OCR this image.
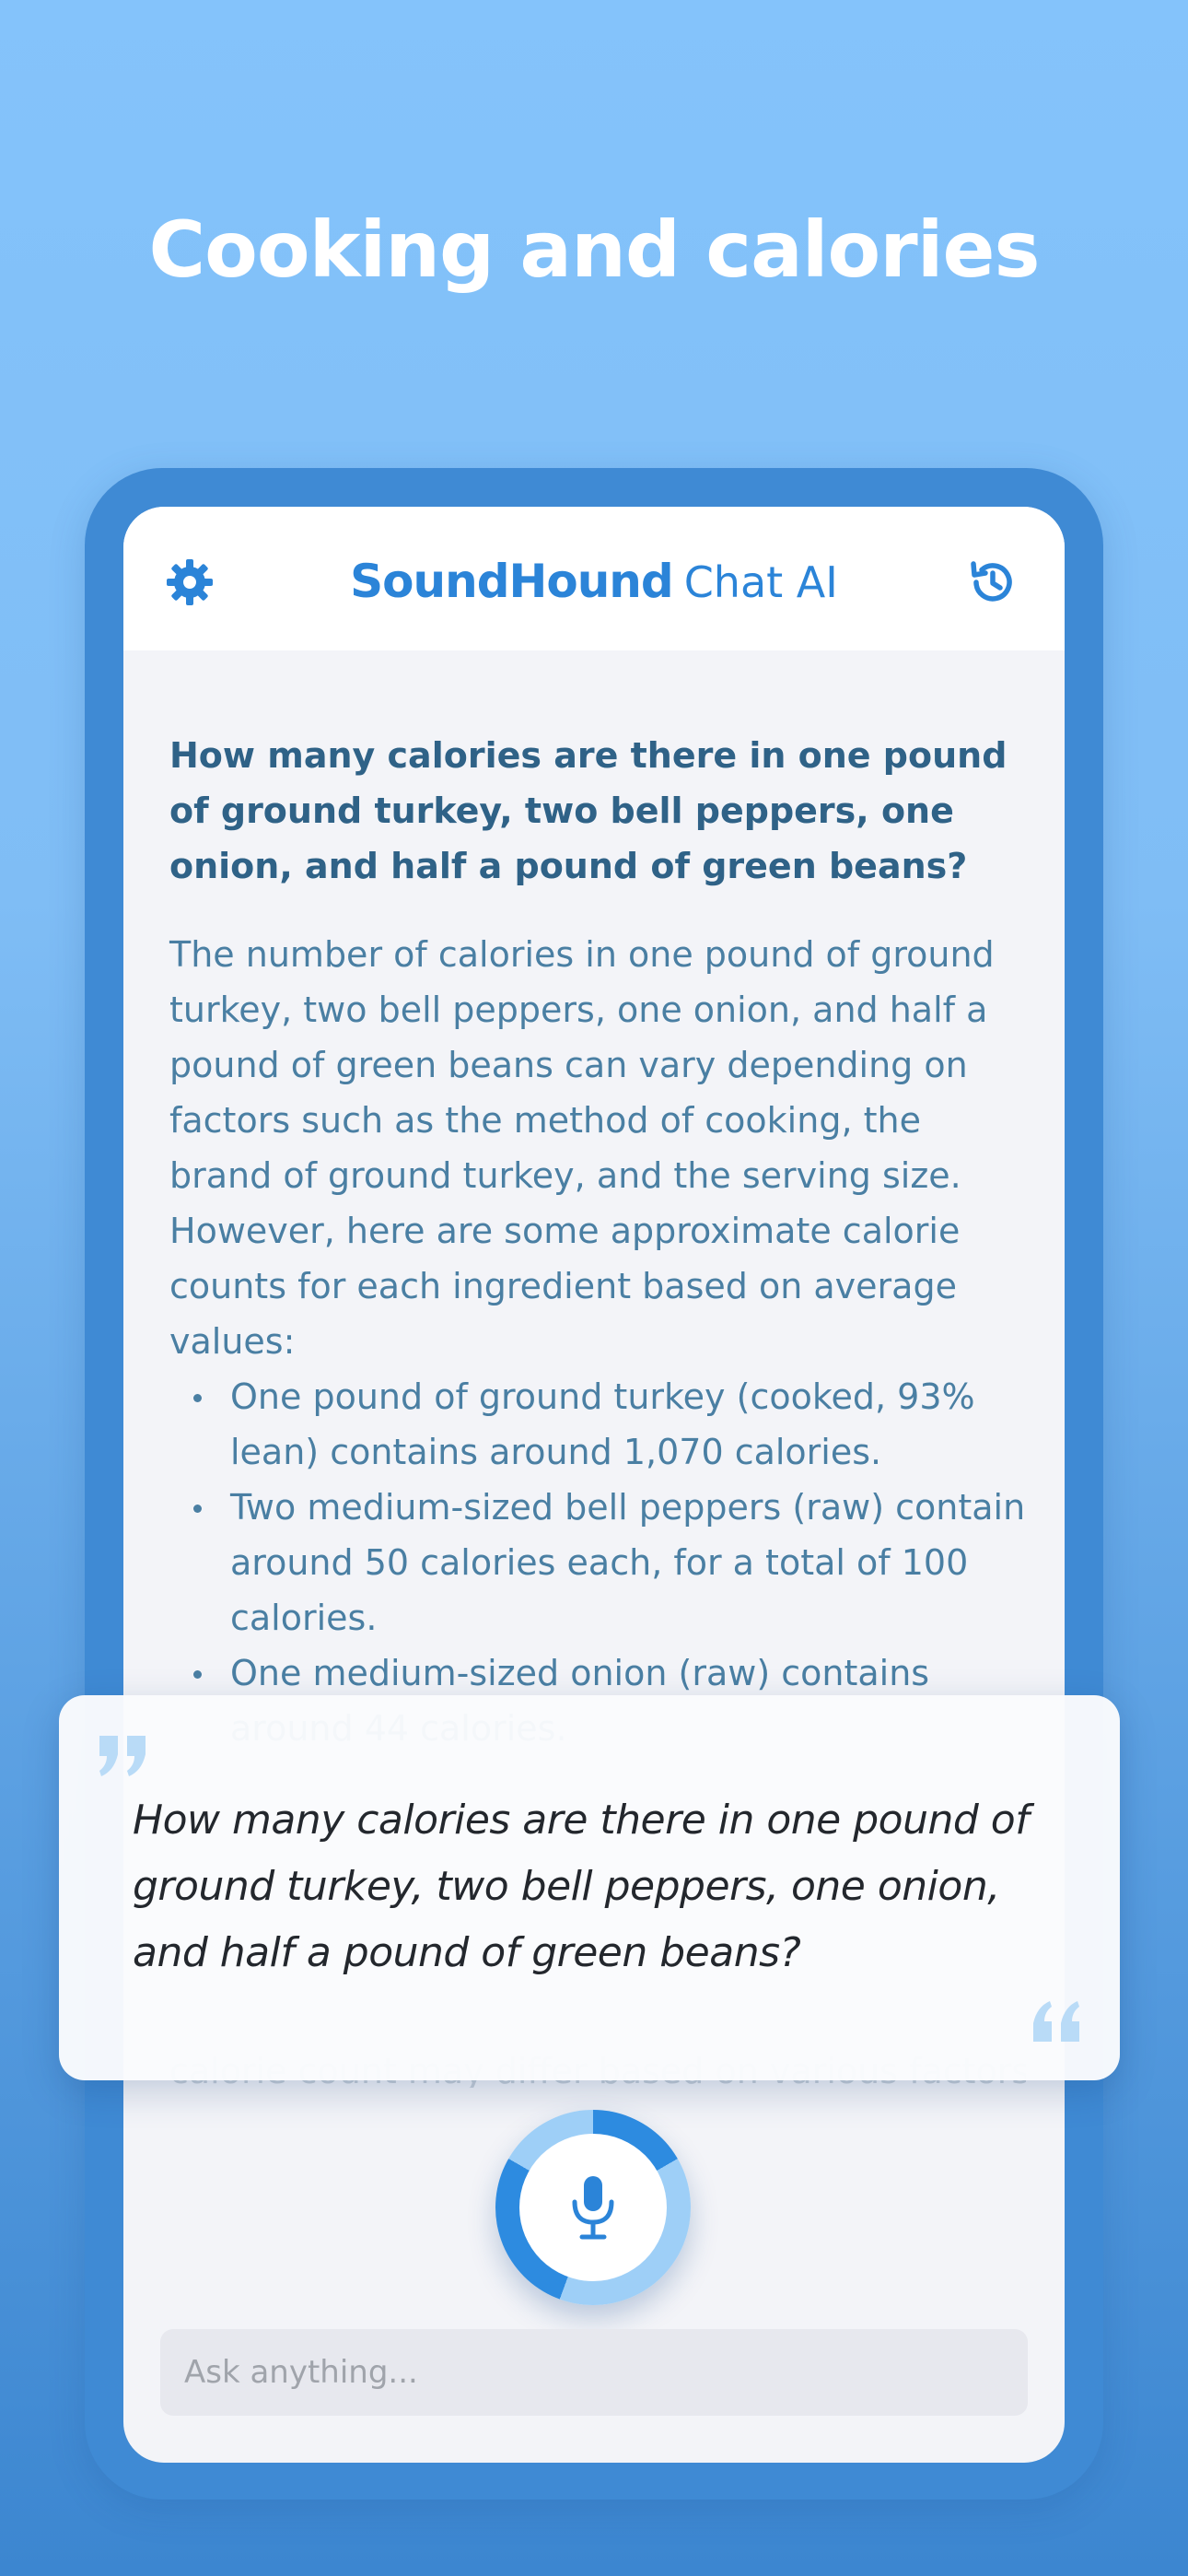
Cooking and calories
SoundHound Chat AI

How many calories are there in one pound of ground turkey, two bell peppers, one onion, and half a pound of green beans?

The number of calories in one pound of ground turkey, two bell peppers, one onion, and half a pound of green beans can vary depending on factors such as the method of cooking, the brand of ground turkey, and the serving size. However, here are some approximate calorie counts for each ingredient based on average values:

One pound of ground turkey (cooked, 93% lean) contains around 1,070 calories.
Two medium-sized bell peppers (raw) contain around 50 calories each, for a total of 100 calories.
One medium-sized onion (raw) contains
How many calories are there in one pound of ground turkey, two bell peppers, one onion, and half a pound of green beans?
Ask anything...
